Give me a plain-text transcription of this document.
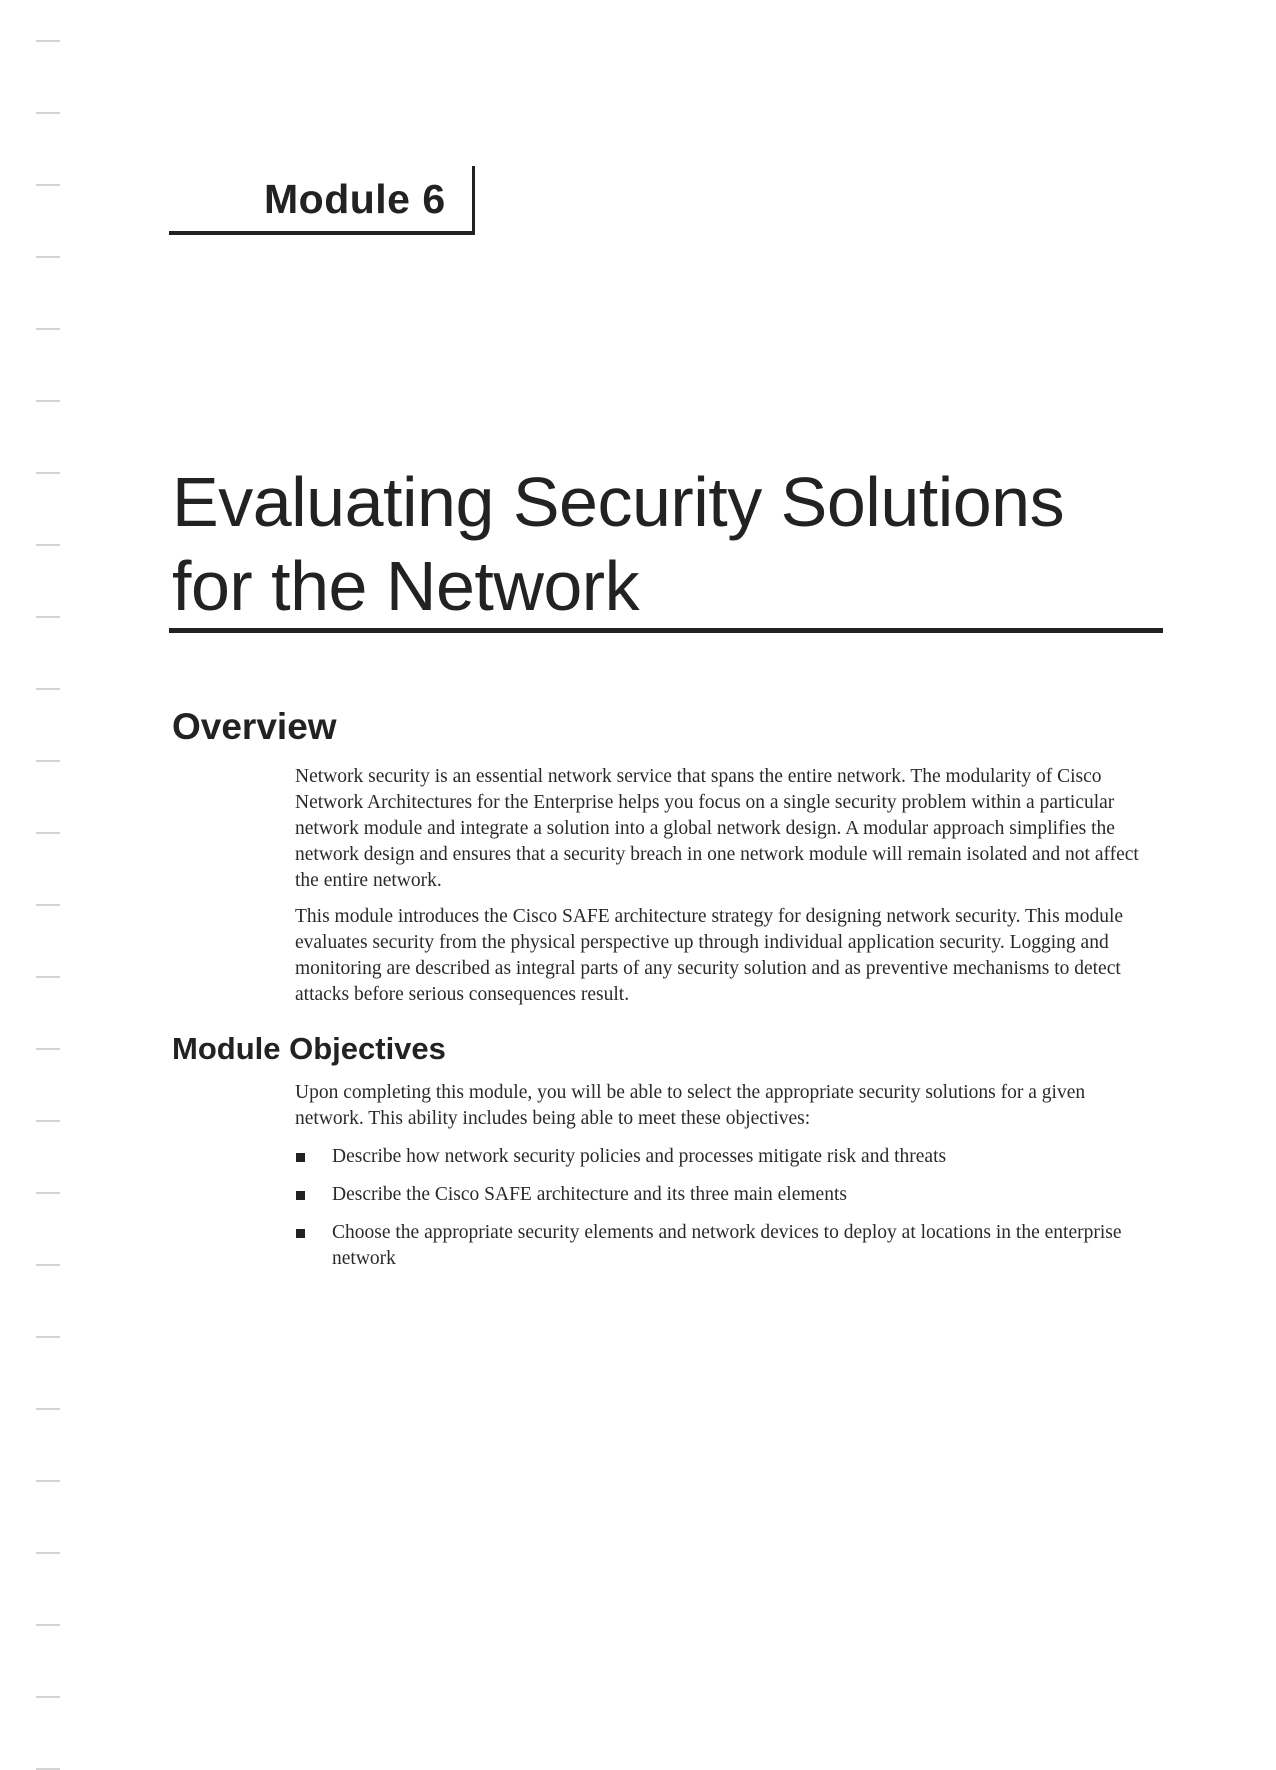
Module 6
Evaluating Security Solutions
for the Network
Overview

Network security is an essential network service that spans the entire network. The modularity of Cisco Network Architectures for the Enterprise helps you focus on a single security problem within a particular network module and integrate a solution into a global network design. A modular approach simplifies the network design and ensures that a security breach in one network module will remain isolated and not affect the entire network.

This module introduces the Cisco SAFE architecture strategy for designing network security. This module evaluates security from the physical perspective up through individual application security. Logging and monitoring are described as integral parts of any security solution and as preventive mechanisms to detect attacks before serious consequences result.

Module Objectives

Upon completing this module, you will be able to select the appropriate security solutions for a given network. This ability includes being able to meet these objectives:

Describe how network security policies and processes mitigate risk and threats
Describe the Cisco SAFE architecture and its three main elements
Choose the appropriate security elements and network devices to deploy at locations in the enterprise network
